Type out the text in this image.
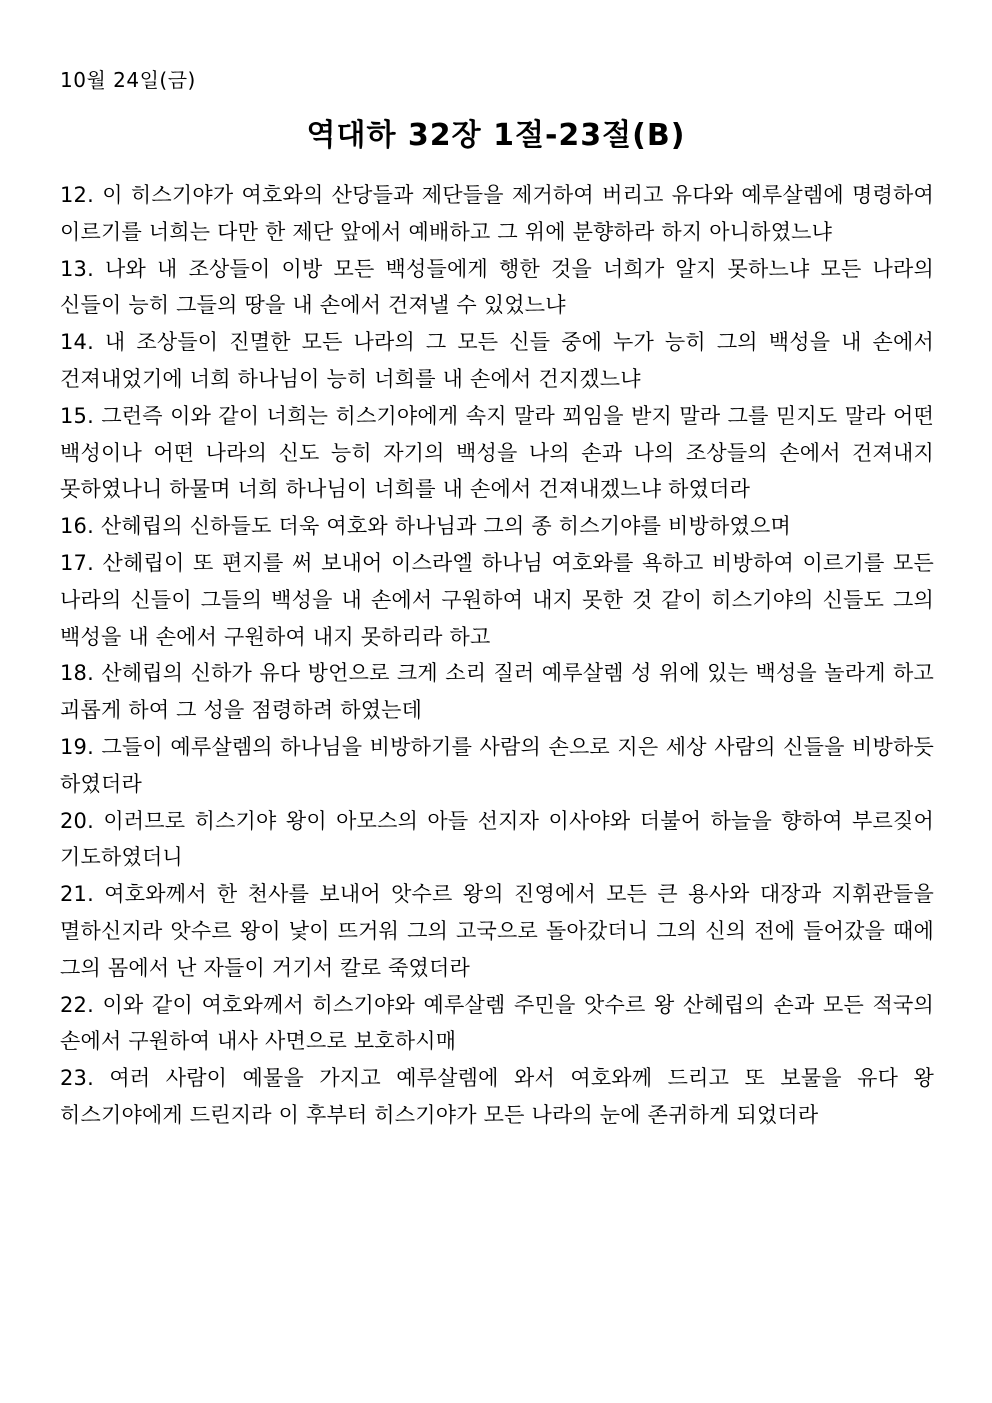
10월 24일(금)
역대하 32장 1절-23절(B)

12. 이 히스기야가 여호와의 산당들과 제단들을 제거하여 버리고 유다와 예루살렘에 명령하여 이르기를 너희는 다만 한 제단 앞에서 예배하고 그 위에 분향하라 하지 아니하였느냐

13. 나와 내 조상들이 이방 모든 백성들에게 행한 것을 너희가 알지 못하느냐 모든 나라의 신들이 능히 그들의 땅을 내 손에서 건져낼 수 있었느냐

14. 내 조상들이 진멸한 모든 나라의 그 모든 신들 중에 누가 능히 그의 백성을 내 손에서 건져내었기에 너희 하나님이 능히 너희를 내 손에서 건지겠느냐

15. 그런즉 이와 같이 너희는 히스기야에게 속지 말라 꾀임을 받지 말라 그를 믿지도 말라 어떤 백성이나 어떤 나라의 신도 능히 자기의 백성을 나의 손과 나의 조상들의 손에서 건져내지 못하였나니 하물며 너희 하나님이 너희를 내 손에서 건져내겠느냐 하였더라

16. 산헤립의 신하들도 더욱 여호와 하나님과 그의 종 히스기야를 비방하였으며

17. 산헤립이 또 편지를 써 보내어 이스라엘 하나님 여호와를 욕하고 비방하여 이르기를 모든 나라의 신들이 그들의 백성을 내 손에서 구원하여 내지 못한 것 같이 히스기야의 신들도 그의 백성을 내 손에서 구원하여 내지 못하리라 하고

18. 산헤립의 신하가 유다 방언으로 크게 소리 질러 예루살렘 성 위에 있는 백성을 놀라게 하고 괴롭게 하여 그 성을 점령하려 하였는데

19. 그들이 예루살렘의 하나님을 비방하기를 사람의 손으로 지은 세상 사람의 신들을 비방하듯 하였더라

20. 이러므로 히스기야 왕이 아모스의 아들 선지자 이사야와 더불어 하늘을 향하여 부르짖어 기도하였더니

21. 여호와께서 한 천사를 보내어 앗수르 왕의 진영에서 모든 큰 용사와 대장과 지휘관들을 멸하신지라 앗수르 왕이 낯이 뜨거워 그의 고국으로 돌아갔더니 그의 신의 전에 들어갔을 때에 그의 몸에서 난 자들이 거기서 칼로 죽였더라

22. 이와 같이 여호와께서 히스기야와 예루살렘 주민을 앗수르 왕 산헤립의 손과 모든 적국의 손에서 구원하여 내사 사면으로 보호하시매

23. 여러 사람이 예물을 가지고 예루살렘에 와서 여호와께 드리고 또 보물을 유다 왕 히스기야에게 드린지라 이 후부터 히스기야가 모든 나라의 눈에 존귀하게 되었더라
